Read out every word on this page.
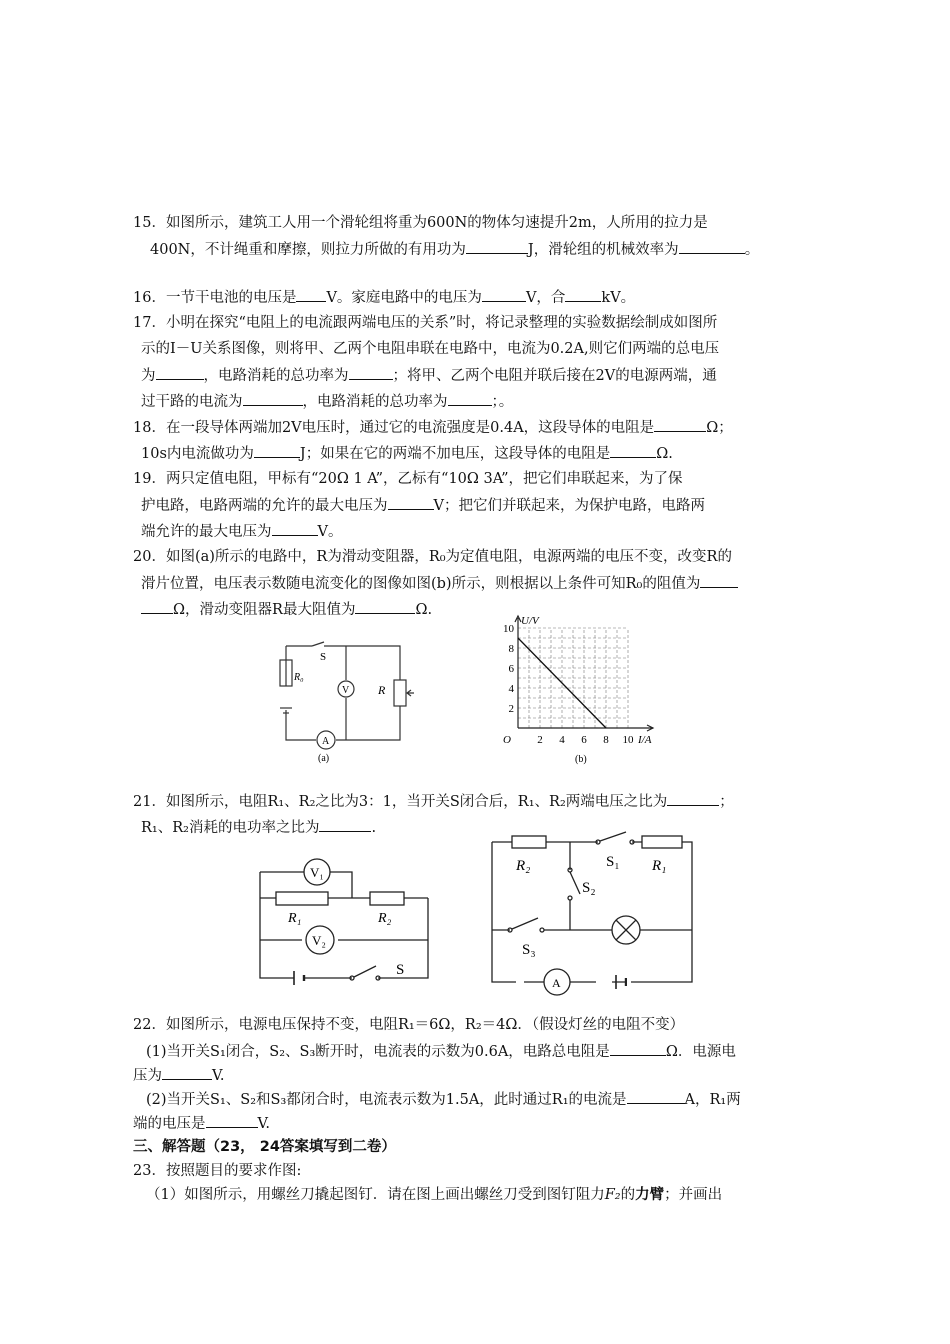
15．如图所示，建筑工人用一个滑轮组将重为600N的物体匀速提升2m，人所用的拉力是
400N，不计绳重和摩擦，则拉力所做的有用功为	J，滑轮组的机械效率为	。
16．一节干电池的电压是 V。家庭电路中的电压为	V，合 kV。
17．小明在探究“电阻上的电流跟两端电压的关系”时，将记录整理的实验数据绘制成如图所
示的I－U关系图像，则将甲、乙两个电阻串联在电路中，电流为0.2A,则它们两端的总电压
为	，电路消耗的总功率为	；将甲、乙两个电阻并联后接在2V的电源两端，通
过干路的电流为	，电路消耗的总功率为	；。
18．在一段导体两端加2V电压时，通过它的电流强度是0.4A，这段导体的电阻是	Ω；
10s内电流做功为	J；如果在它的两端不加电压，这段导体的电阻是	Ω.
19．两只定值电阻，甲标有“20Ω 1 A”，乙标有“10Ω 3A”，把它们串联起来，为了保
护电路，电路两端的允许的最大电压为	V；把它们并联起来，为保护电路，电路两
端允许的最大电压为	V。
20．如图(a)所示的电路中，R为滑动变阻器，R₀为定值电阻，电源两端的电压不变，改变R的
滑片位置，电压表示数随电流变化的图像如图(b)所示，则根据以上条件可知R₀的阻值为
Ω，滑动变阻器R最大阻值为	Ω.
S
R₀
V R
A
(a)
10
8
6
4
2
2 4 6 8 10
U/V
I/A
O
(b)
21．如图所示，电阻R₁、R₂之比为3：1，当开关S闭合后，R₁、R₂两端电压之比为	；
R₁、R₂消耗的电功率之比为	.
V₁
R₁	R₂
V₂
S
R₂	S₁ R₁
S₂
S₃
A
22．如图所示，电源电压保持不变，电阻R₁＝6Ω，R₂＝4Ω．（假设灯丝的电阻不变）
(1)当开关S₁闭合，S₂、S₃断开时，电流表的示数为0.6A，电路总电阻是	Ω．电源电
压为	V.
(2)当开关S₁、S₂和S₃都闭合时，电流表示数为1.5A，此时通过R₁的电流是	A，R₁两
端的电压是	V.
三、解答题（23， 24答案填写到二卷）
23．按照题目的要求作图:
（1）如图所示，用螺丝刀撬起图钉．请在图上画出螺丝刀受到图钉阻力F₂的力臂；并画出
